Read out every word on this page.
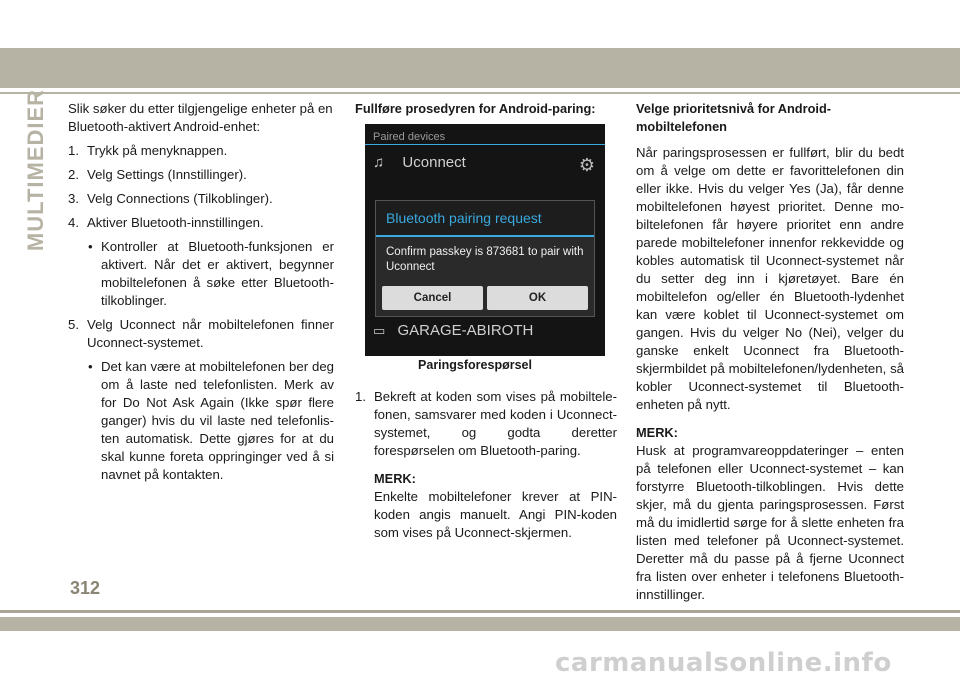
MULTIMEDIER Slik søker du etter tilgjengelige enheter på en Bluetooth-aktivert Android-enhet:

1. Trykk på menyknappen.
2. Velg Settings (Innstillinger).
3. Velg Connections (Tilkoblinger).
4. Aktiver Bluetooth-innstillingen.
• Kontroller at Bluetooth-funksjonen er aktivert. Når det er aktivert, begynner mobiltelefonen å søke etter Bluetooth-tilkoblinger.
5. Velg Uconnect når mobiltelefonen finner Uconnect-systemet.
• Det kan være at mobiltelefonen ber deg om å laste ned telefonlisten. Merk av for Do Not Ask Again (Ikke spør flere ganger) hvis du vil laste ned telefonlis-ten automatisk. Dette gjøres for at du skal kunne foreta oppringinger ved å si navnet på kontakten.

Fullføre prosedyren for Android-paring:

Paired devices
♫ Uconnect	⚙
Bluetooth pairing request
Confirm passkey is 873681 to pair with Uconnect
Cancel	OK
▭ GARAGE-ABIROTH

Paringsforespørsel

1. Bekreft at koden som vises på mobiltele-fonen, samsvarer med koden i Uconnect-systemet, og godta deretter forespørselen om Bluetooth-paring.

MERK:

Enkelte mobiltelefoner krever at PIN-koden angis manuelt. Angi PIN-koden som vises på Uconnect-skjermen.

Velge prioritetsnivå for Android-mobiltelefonen

Når paringsprosessen er fullført, blir du bedt om å velge om dette er favorittelefonen din eller ikke. Hvis du velger Yes (Ja), får denne mobiltelefonen høyest prioritet. Denne mo-biltelefonen får høyere prioritet enn andre parede mobiltelefoner innenfor rekkevidde og kobles automatisk til Uconnect-systemet når du setter deg inn i kjøretøyet. Bare én mobiltelefon og/eller én Bluetooth-lydenhet kan være koblet til Uconnect-systemet om gangen. Hvis du velger No (Nei), velger du ganske enkelt Uconnect fra Bluetooth-skjermbildet på mobiltelefonen/lydenheten, så kobler Uconnect-systemet til Bluetooth-enheten på nytt.

MERK:

Husk at programvareoppdateringer – enten på telefonen eller Uconnect-systemet – kan forstyrre Bluetooth-tilkoblingen. Hvis dette skjer, må du gjenta paringsprosessen. Først må du imidlertid sørge for å slette enheten fra listen med telefoner på Uconnect-systemet. Deretter må du passe på å fjerne Uconnect fra listen over enheter i telefonens Bluetooth-innstillinger.

312
carmanualsonline.info
